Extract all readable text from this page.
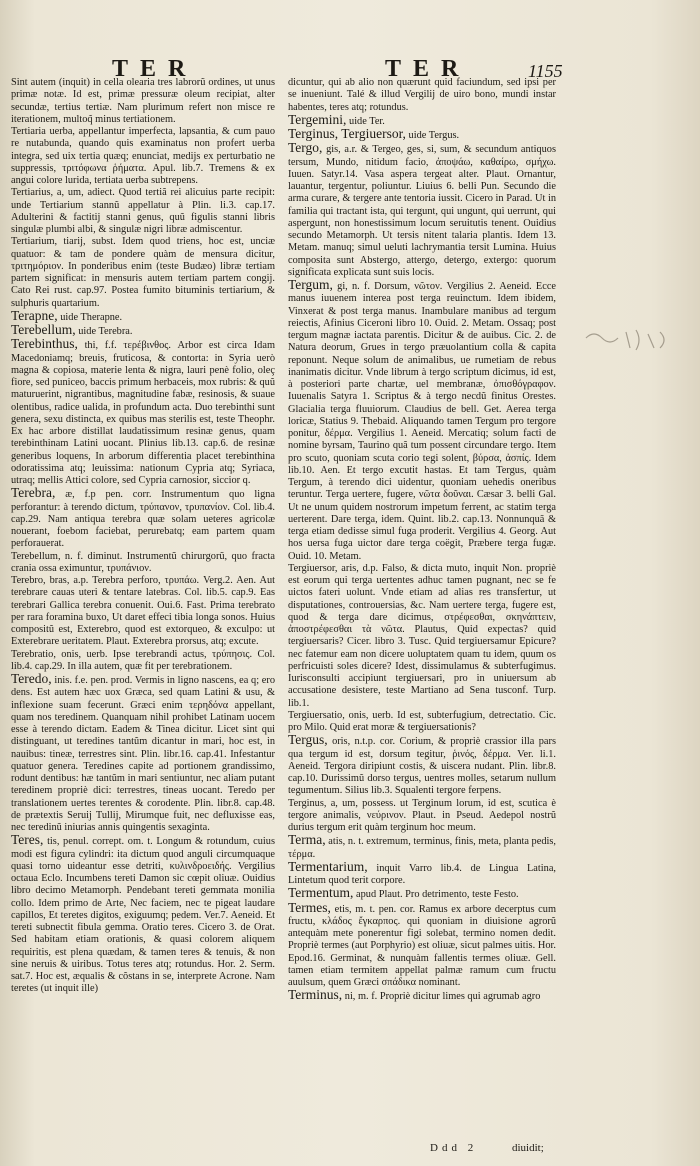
TER	TER	1155

Sint autem (inquit) in cella olearia tres labrorũ ordines, ut unus primæ notæ. Id est, primæ pressuræ oleum recipiat, alter secundæ, tertius tertiæ. Nam plurimum refert non misce re iterationem, multoq̃ minus tertiationem.

Tertiaria uerba, appellantur imperfecta, lapsantia, & cum pauo re nutabunda, quando quis examinatus non profert uerba integra, sed uix tertia quæq; enunciat, medijs ex perturbatio ne suppressis, τριτόφωνα ῥήματα. Apul. lib.7. Tremens & ex angui colore lurida, tertiata uerba subtrepens.

Tertiarius, a, um, adiect. Quod tertiã rei alicuius parte recipit: unde Tertiarium stannũ appellatur à Plin. li.3. cap.17. Adulterini & factitij stanni genus, quũ figulis stanni libris singulæ plumbi albi, & singulæ nigri libræ admiscentur.

Tertiarium, tiarij, subst. Idem quod triens, hoc est, unciæ quatuor: & tam de pondere quàm de mensura dicitur, τριτημόριον. In ponderibus enim (teste Budæo) libræ tertiam partem significat: in mensuris autem tertiam partem congij. Cato Rei rust. cap.97. Postea fumito bituminis tertiarium, & sulphuris quartarium.

Terapne, uide Therapne.

Terebellum, uide Terebra.

Terebinthus, thi, f.f. τερέβινθος. Arbor est circa Idam Macedoniamq; breuis, fruticosa, & contorta: in Syria uerò magna & copiosa, materie lenta & nigra, lauri penè folio, oleç fiore, sed puniceo, baccis primum herbaceis, mox rubris: & quũ maturuerint, nigrantibus, magnitudine fabæ, resinosis, & suaue olentibus, radice ualida, in profundum acta. Duo terebinthi sunt genera, sexu distincta, ex quibus mas sterilis est, teste Theophr. Ex hac arbore distillat laudatissimum resinæ genus, quam terebinthinam Latini uocant. Plinius lib.13. cap.6. de resinæ generibus loquens, In arborum differentia placet terebinthina odoratissima atq; leuissima: nationum Cypria atq; Syriaca, utraq; mellis Attici colore, sed Cypria carnosior, siccior q.

Terebra, æ, f.p pen. corr. Instrumentum quo ligna perforantur: à terendo dictum, τρύπανον, τρυπανίον. Col. lib.4. cap.29. Nam antiqua terebra quæ solam ueteres agricolæ nouerant, foebom faciebat, perurebatq; eam partem quam perforauerat.

Terebellum, n. f. diminut. Instrumentũ chirurgorũ, quo fracta crania ossa eximuntur, τρυπάνιον.

Terebro, bras, a.p. Terebra perforo, τρυπάω. Verg.2. Aen. Aut terebrare cauas uteri & tentare latebras. Col. lib.5. cap.9. Eas terebrari Gallica terebra conuenit. Oui.6. Fast. Prima terebrato per rara foramina buxo, Ut daret effeci tibia longa sonos. Huius compositũ est, Exterebro, quod est extorqueo, & exculpo: ut Exterebrare ueritatem. Plaut. Exterebra prorsus, atq; excute.

Terebratio, onis, uerb. Ipse terebrandi actus, τρύπησις. Col. lib.4. cap.29. In illa autem, quæ fit per terebrationem.

Teredo, inis. f.e. pen. prod. Vermis in ligno nascens, ea q; ero dens. Est autem hæc uox Græca, sed quam Latini & usu, & inflexione suam fecerunt. Græci enim τερηδόνα appellant, quam nos teredinem. Quanquam nihil prohibet Latinam uocem esse à terendo dictam. Eadem & Tinea dicitur. Licet sint qui distinguant, ut teredines tantũm dicantur in mari, hoc est, in nauibus: tineæ, terrestres sint. Plin. libr.16. cap.41. Infestantur quatuor genera. Teredines capite ad portionem grandissimo, rodunt dentibus: hæ tantũm in mari sentiuntur, nec aliam putant teredinem propriè dici: terrestres, tineas uocant. Teredo per translationem uertes terentes & corodente. Plin. libr.8. cap.48. de prætextis Seruij Tullij, Mirumque fuit, nec defluxisse eas, nec teredinũ iniurias annis quingentis sexaginta.

Teres, tis, penul. corrept. om. t. Longum & rotundum, cuius modi est figura cylindri: ita dictum quod anguli circumquaque quasi torno uideantur esse detriti, κυλινδροειδής. Vergilius octaua Eclo. Incumbens tereti Damon sic cœpit oliuæ. Ouidius libro decimo Metamorph. Pendebant tereti gemmata monilia collo. Idem primo de Arte, Nec faciem, nec te pigeat laudare capillos, Et teretes digitos, exiguumq; pedem. Ver.7. Aeneid. Et tereti subnectit fibula gemma. Oratio teres. Cicero 3. de Orat. Sed habitam etiam orationis, & quasi colorem aliquem requiritis, est plena quædam, & tamen teres & tenuis, & non sine neruis & uiribus. Totus teres atq; rotundus. Hor. 2. Serm. sat.7. Hoc est, æqualis & cõstans in se, interprete Acrone. Nam teretes (ut inquit ille)

dicuntur, qui ab alio non quærunt quid faciundum, sed ipsi per se inueniunt. Talé & illud Vergilij de uiro bono, mundi instar habentes, teres atq; rotundus.

Tergemini, uide Ter.

Terginus, Tergiuersor, uide Tergus.

Tergo, gis, a.r. & Tergeo, ges, si, sum, & secundum antiquos tersum, Mundo, nitidum facio, ἀποψάω, καθαίρω, σμήχω. Iuuen. Satyr.14. Vasa aspera tergeat alter. Plaut. Ornantur, lauantur, tergentur, poliuntur. Liuius 6. belli Pun. Secundo die arma curare, & tergere ante tentoria iussit. Cicero in Parad. Ut in familia qui tractant ista, qui tergunt, qui ungunt, qui uerrunt, qui aspergunt, non honestissimum locum seruitutis tenent. Ouidius secundo Metamorph. Ut tersis nitent talaria plantis. Idem 13. Metam. manuq; simul ueluti lachrymantia tersit Lumina. Huius composita sunt Abstergo, attergo, detergo, extergo: quorum significata explicata sunt suis locis.

Tergum, gi, n. f. Dorsum, νῶτον. Vergilius 2. Aeneid. Ecce manus iuuenem interea post terga reuinctum. Idem ibidem, Vinxerat & post terga manus. Inambulare manibus ad tergum reiectis, Afinius Ciceroni libro 10. Ouid. 2. Metam. Ossaq; post tergum magnæ iactata parentis. Dicitur & de auibus. Cic. 2. de Natura deorum, Grues in tergo præuolantium colla & capita reponunt. Neque solum de animalibus, ue rumetiam de rebus inanimatis dicitur. Vnde librum à tergo scriptum dicimus, id est, à posteriori parte chartæ, uel membranæ, ὀπισθόγραφον. Iuuenalis Satyra 1. Scriptus & à tergo necdũ finitus Orestes. Glacialia terga fluuiorum. Claudius de bell. Get. Aerea terga loricæ, Statius 9. Thebaid. Aliquando tamen Tergum pro tergore ponitur, δέρμα. Vergilius 1. Aeneid. Mercatiq; solum facti de nomine byrsam, Taurino quã tum possent circundare tergo. Item pro scuto, quoniam scuta corio tegi solent, βύρσα, ἀσπίς. Idem lib.10. Aen. Et tergo excutit hastas. Et tam Tergus, quàm Tergum, à terendo dici uidentur, quoniam uehedis oneribus teruntur. Terga uertere, fugere, νῶτα δοῦναι. Cæsar 3. belli Gal. Ut ne unum quidem nostrorum impetum ferrent, ac statim terga uerterent. Dare terga, idem. Quint. lib.2. cap.13. Nonnunquã & terga etiam dedisse simul fuga proderit. Vergilius 4. Georg. Aut hos uersa fuga uictor dare terga coëgit, Præbere terga fugæ. Ouid. 10. Metam.

Tergiuersor, aris, d.p. Falso, & dicta muto, inquit Non. propriè est eorum qui terga uertentes adhuc tamen pugnant, nec se fe uictos fateri uolunt. Vnde etiam ad alias res transfertur, ut disputationes, controuersias, &c. Nam uertere terga, fugere est, quod & terga dare dicimus, στρέφεσθαι, σκηνάπτειν, ἀποστρέφεσθαι τὰ νῶτα. Plautus, Quid expectas? quid tergiuersaris? Cicer. libro 3. Tusc. Quid tergiuersamur Epicure? nec fatemur eam non dicere uoluptatem quam tu idem, quum os perfricuisti soles dicere? Idest, dissimulamus & subterfugimus. Iurisconsulti accipiunt tergiuersari, pro in uniuersum ab accusatione desistere, teste Martiano ad Sena tusconf. Turp. lib.1.

Tergiuersatio, onis, uerb. Id est, subterfugium, detrectatio. Cic. pro Milo. Quid erat moræ & tergiuersationis?

Tergus, oris, n.t.p. cor. Corium, & propriè crassior illa pars qua tergum id est, dorsum tegitur, ῥινός, δέρμα. Ver. li.1. Aeneid. Tergora diripiunt costis, & uiscera nudant. Plin. libr.8. cap.10. Durissimũ dorso tergus, uentres molles, setarum nullum tegumentum. Silius lib.3. Squalenti tergore ferpens.

Terginus, a, um, possess. ut Terginum lorum, id est, scutica è tergore animalis, νεύρινον. Plaut. in Pseud. Aedepol nostrũ durius tergum erit quàm terginum hoc meum.

Terma, atis, n. t. extremum, terminus, finis, meta, planta pedis, τέρμα.

Termentarium, inquit Varro lib.4. de Lingua Latina, Lintetum quod terit corpore.

Termentum, apud Plaut. Pro detrimento, teste Festo.

Termes, etis, m. t. pen. cor. Ramus ex arbore decerptus cum fructu, κλάδος ἔγκαρπος. qui quoniam in diuisione agrorũ antequàm mete ponerentur figi solebat, termino nomen dedit. Propriè termes (aut Porphyrio) est oliuæ, sicut palmes uitis. Hor. Epod.16. Germinat, & nunquàm fallentis termes oliuæ. Gell. tamen etiam termitem appellat palmæ ramum cum fructu auulsum, quem Græci σπάδικα nominant.

Terminus, ni, m. f. Propriè dicitur limes qui agrumab agro

Ddd 2	diuidit;
